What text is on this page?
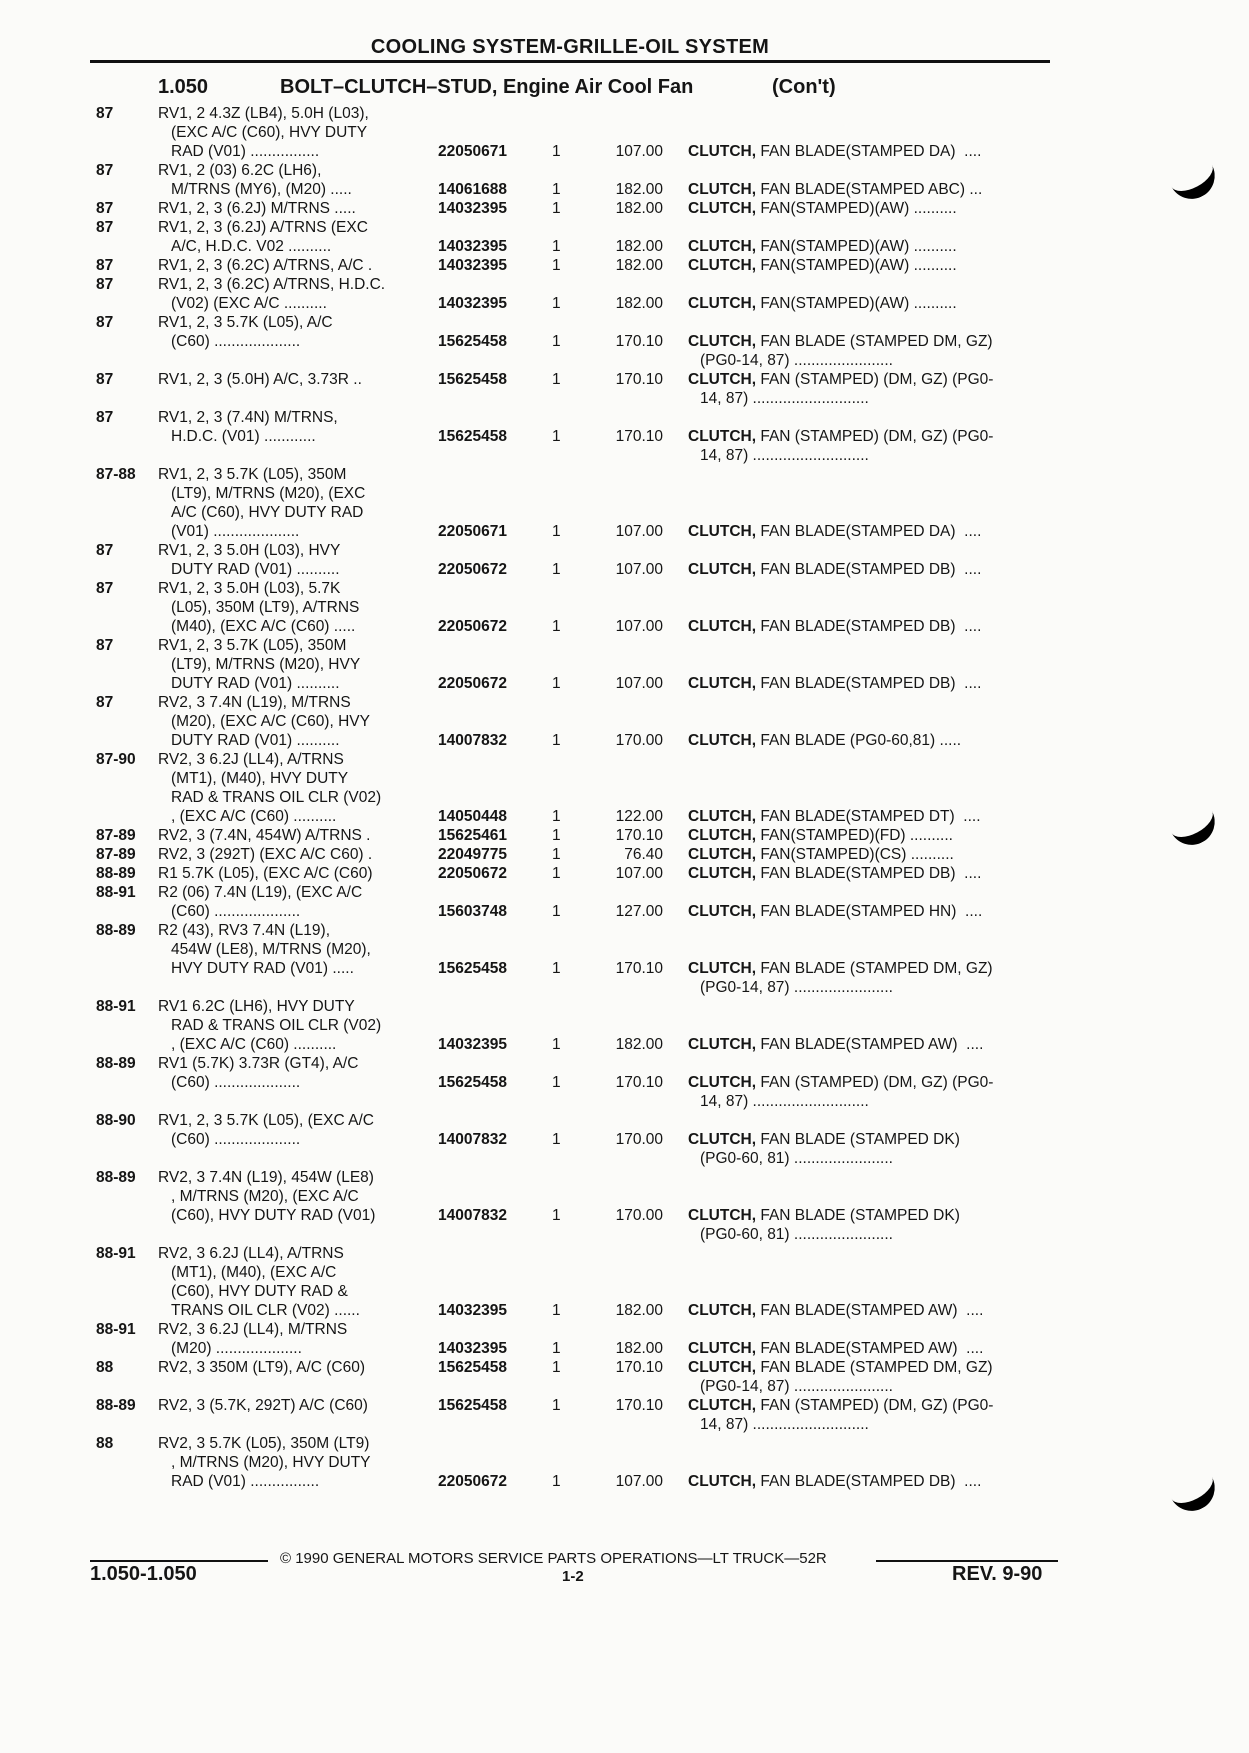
COOLING SYSTEM-GRILLE-OIL SYSTEM
1.050	BOLT–CLUTCH–STUD, Engine Air Cool Fan	(Con't)
87	RV1, 2 4.3Z (LB4), 5.0H (L03),
(EXC A/C (C60), HVY DUTY
RAD (V01) ................	22050671	1	107.00 CLUTCH, FAN BLADE(STAMPED DA)  ....
87	RV1, 2 (03) 6.2C (LH6),
M/TRNS (MY6), (M20) .....	14061688	1	182.00 CLUTCH, FAN BLADE(STAMPED ABC) ...
87	RV1, 2, 3 (6.2J) M/TRNS .....	14032395	1	182.00 CLUTCH, FAN(STAMPED)(AW) ..........
87	RV1, 2, 3 (6.2J) A/TRNS (EXC
A/C, H.D.C. V02 ..........	14032395	1	182.00 CLUTCH, FAN(STAMPED)(AW) ..........
87	RV1, 2, 3 (6.2C) A/TRNS, A/C .	14032395	1	182.00 CLUTCH, FAN(STAMPED)(AW) ..........
87	RV1, 2, 3 (6.2C) A/TRNS, H.D.C.
(V02) (EXC A/C ..........	14032395	1	182.00 CLUTCH, FAN(STAMPED)(AW) ..........
87	RV1, 2, 3 5.7K (L05), A/C
(C60) ....................	15625458	1	170.10 CLUTCH, FAN BLADE (STAMPED DM, GZ)
(PG0-14, 87) .......................
87	RV1, 2, 3 (5.0H) A/C, 3.73R ..	15625458	1	170.10 CLUTCH, FAN (STAMPED) (DM, GZ) (PG0-
14, 87) ...........................
87	RV1, 2, 3 (7.4N) M/TRNS,
H.D.C. (V01) ............	15625458	1	170.10 CLUTCH, FAN (STAMPED) (DM, GZ) (PG0-
14, 87) ...........................
87-88 RV1, 2, 3 5.7K (L05), 350M
(LT9), M/TRNS (M20), (EXC
A/C (C60), HVY DUTY RAD
(V01) ....................	22050671	1	107.00 CLUTCH, FAN BLADE(STAMPED DA)  ....
87	RV1, 2, 3 5.0H (L03), HVY
DUTY RAD (V01) ..........	22050672	1	107.00 CLUTCH, FAN BLADE(STAMPED DB)  ....
87	RV1, 2, 3 5.0H (L03), 5.7K
(L05), 350M (LT9), A/TRNS
(M40), (EXC A/C (C60) .....	22050672	1	107.00 CLUTCH, FAN BLADE(STAMPED DB)  ....
87	RV1, 2, 3 5.7K (L05), 350M
(LT9), M/TRNS (M20), HVY
DUTY RAD (V01) ..........	22050672	1	107.00 CLUTCH, FAN BLADE(STAMPED DB)  ....
87	RV2, 3 7.4N (L19), M/TRNS
(M20), (EXC A/C (C60), HVY
DUTY RAD (V01) ..........	14007832	1	170.00 CLUTCH, FAN BLADE (PG0-60,81) .....
87-90 RV2, 3 6.2J (LL4), A/TRNS
(MT1), (M40), HVY DUTY
RAD & TRANS OIL CLR (V02)
, (EXC A/C (C60) ..........	14050448	1	122.00 CLUTCH, FAN BLADE(STAMPED DT)  ....
87-89 RV2, 3 (7.4N, 454W) A/TRNS .	15625461	1	170.10 CLUTCH, FAN(STAMPED)(FD) ..........
87-89 RV2, 3 (292T) (EXC A/C C60) .	22049775	1	76.40 CLUTCH, FAN(STAMPED)(CS) ..........
88-89 R1 5.7K (L05), (EXC A/C (C60)	22050672	1	107.00 CLUTCH, FAN BLADE(STAMPED DB)  ....
88-91 R2 (06) 7.4N (L19), (EXC A/C
(C60) ....................	15603748	1	127.00 CLUTCH, FAN BLADE(STAMPED HN)  ....
88-89 R2 (43), RV3 7.4N (L19),
454W (LE8), M/TRNS (M20),
HVY DUTY RAD (V01) .....	15625458	1	170.10 CLUTCH, FAN BLADE (STAMPED DM, GZ)
(PG0-14, 87) .......................
88-91 RV1 6.2C (LH6), HVY DUTY
RAD & TRANS OIL CLR (V02)
, (EXC A/C (C60) ..........	14032395	1	182.00 CLUTCH, FAN BLADE(STAMPED AW)  ....
88-89 RV1 (5.7K) 3.73R (GT4), A/C
(C60) ....................	15625458	1	170.10 CLUTCH, FAN (STAMPED) (DM, GZ) (PG0-
14, 87) ...........................
88-90 RV1, 2, 3 5.7K (L05), (EXC A/C
(C60) ....................	14007832	1	170.00 CLUTCH, FAN BLADE (STAMPED DK)
(PG0-60, 81) .......................
88-89 RV2, 3 7.4N (L19), 454W (LE8)
, M/TRNS (M20), (EXC A/C
(C60), HVY DUTY RAD (V01)	14007832	1	170.00 CLUTCH, FAN BLADE (STAMPED DK)
(PG0-60, 81) .......................
88-91 RV2, 3 6.2J (LL4), A/TRNS
(MT1), (M40), (EXC A/C
(C60), HVY DUTY RAD &
TRANS OIL CLR (V02) ......	14032395	1	182.00 CLUTCH, FAN BLADE(STAMPED AW)  ....
88-91 RV2, 3 6.2J (LL4), M/TRNS
(M20) ....................	14032395	1	182.00 CLUTCH, FAN BLADE(STAMPED AW)  ....
88	RV2, 3 350M (LT9), A/C (C60)	15625458	1	170.10 CLUTCH, FAN BLADE (STAMPED DM, GZ)
(PG0-14, 87) .......................
88-89 RV2, 3 (5.7K, 292T) A/C (C60)	15625458	1	170.10 CLUTCH, FAN (STAMPED) (DM, GZ) (PG0-
14, 87) ...........................
88	RV2, 3 5.7K (L05), 350M (LT9)
, M/TRNS (M20), HVY DUTY
RAD (V01) ................	22050672	1	107.00 CLUTCH, FAN BLADE(STAMPED DB)  ....
© 1990 GENERAL MOTORS SERVICE PARTS OPERATIONS—LT TRUCK—52R
1.050-1.050	1-2	REV. 9-90
